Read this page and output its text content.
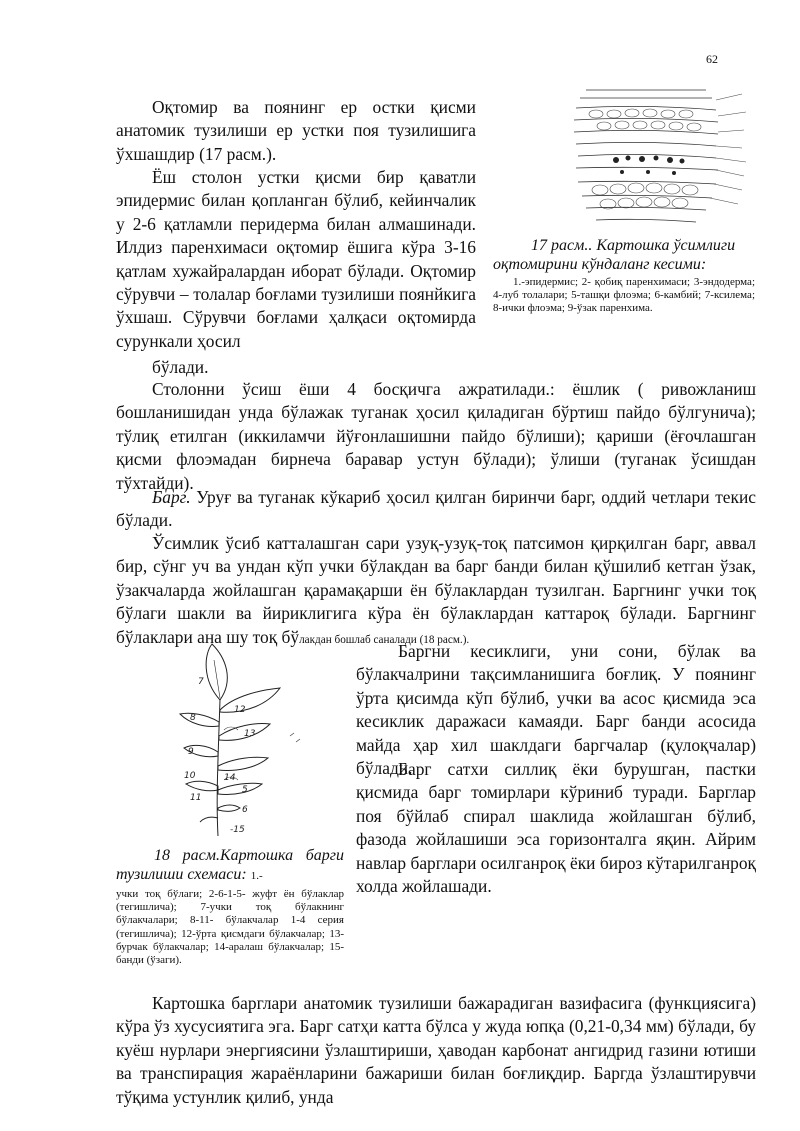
62

Оқтомир ва поянинг ер остки қисми анатомик тузилиши ер устки поя тузилишига ўхшашдир (17 расм.).

Ёш столон устки қисми бир қаватли эпидермис билан қопланган бўлиб, кейинчалик у 2-6 қатламли перидерма билан алмашинади. Илдиз паренхимаси оқтомир ёшига кўра 3-16 қатлам хужайралардан иборат бўлади. Оқтомир сўрувчи – толалар боғлами тузилиши поянйкига ўхшаш. Сўрувчи боғлами ҳалқаси оқтомирда сурункали ҳосил

бўлади.

17 расм.. Картошка ўсимлиги оқтомирини кўндаланг кесими:

1.-эпидермис; 2- қобиқ паренхимаси; 3-эндодерма; 4-луб толалари; 5-ташқи флоэма; 6-камбий; 7-ксилема; 8-ички флоэма; 9-ўзак паренхима.

Столонни ўсиш ёши 4 босқичга ажратилади.: ёшлик ( ривожланиш бошланишидан унда бўлажак туганак ҳосил қиладиган бўртиш пайдо бўлгунича); тўлиқ етилган (иккиламчи йўғонлашишни пайдо бўлиши); қариши (ёғочлашган қисми флоэмадан бирнеча баравар устун бўлади); ўлиши (туганак ўсишдан тўхтайди).

Барг. Уруғ ва туганак кўкариб ҳосил қилган биринчи барг, оддий четлари текис бўлади.

Ўсимлик ўсиб катталашган сари узуқ-узуқ-тоқ патсимон қирқилган барг, аввал бир, сўнг уч ва ундан кўп учки бўлакдан ва барг банди билан қўшилиб кетган ўзак, ўзакчаларда жойлашган қарамақарши ён бўлаклардан тузилган. Баргнинг учки тоқ бўлаги шакли ва йириклигига кўра ён бўлаклардан каттароқ бўлади. Баргнинг бўлаклари ана шу тоқ бўлакдан бошлаб саналади (18 расм.).

7
8
12
13
9
10	14
11
5
6
-15

18 расм.Картошка барги тузилиши схемаси: 1.-

учки тоқ бўлаги; 2-6-1-5- жуфт ён бўлаклар (тегишлича); 7-учки тоқ бўлакнинг бўлакчалари; 8-11- бўлакчалар 1-4 серия (тегишлича); 12-ўрта қисмдаги бўлакчалар; 13-бурчак бўлакчалар; 14-аралаш бўлакчалар; 15-банди (ўзаги).

Баргни кесиклиги, уни сони, бўлак ва бўлакчалрини тақсимланишига боғлиқ. У поянинг ўрта қисимда кўп бўлиб, учки ва асос қисмида эса кесиклик даражаси камаяди. Барг банди асосида майда ҳар хил шаклдаги баргчалар (қулоқчалар) бўлади.

Барг сатхи силлиқ ёки бурушган, пастки қисмида барг томирлари кўриниб туради. Барглар поя бўйлаб спирал шаклида жойлашган бўлиб, фазода жойлашиши эса горизонталга яқин. Айрим навлар барглари осилганроқ ёки бироз кўтарилганроқ холда жойлашади.

Картошка барглари анатомик тузилиши бажарадиган вазифасига (функциясига) кўра ўз хусусиятига эга. Барг сатҳи катта бўлса у жуда юпқа (0,21-0,34 мм) бўлади, бу куёш нурлари энергиясини ўзлаштириши, ҳаводан карбонат ангидрид газини ютиши ва транспирация жараёнларини бажариши билан боғлиқдир. Баргда ўзлаштирувчи тўқима устунлик қилиб, унда
